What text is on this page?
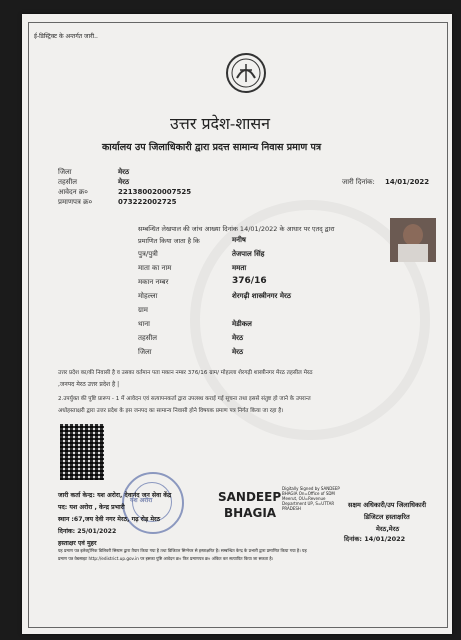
ई-डिस्ट्रिक्ट के अन्तर्गत जारी..
उत्तर प्रदेश-शासन
कार्यालय उप जिलाधिकारी द्वारा प्रदत्त सामान्य निवास प्रमाण पत्र
जिला	मेरठ
तहसील	मेरठ
आवेदन क्र०	221380020007525
प्रमाणपत्र क्र०	073222002725
जारी दिनांक: 14/01/2022
सम्बन्धित लेखपाल की जांच आख्या दिनांक 14/01/2022 के आधार पर एतद् द्वारा
प्रमाणित किया जाता है कि	मनीष
पुत्र/पुत्री	तेजपाल सिंह
माता का नाम	ममता
मकान नम्बर	376/16
मोहल्ला	शेरगढ़ी शास्त्रीनगर मेरठ
ग्राम
थाना	मेडीकल
तहसील	मेरठ
जिला	मेरठ
उत्तर प्रदेश का/की निवासी है व उसका वर्तमान पता मकान नम्बर 376/16 ग्राम/ मोहल्ला शेरगढ़ी शास्त्रीनगर मेरठ तहसील मेरठ
,जनपद मेरठ उत्तर प्रदेश है |
2.उपर्युक्त की पुष्टि प्रारूप - 1 में आवेदन एवं सत्यापनकर्ता द्वारा उपलब्ध कराई गई सूचना तथा इससे संतुष्ट हो जाने के उपरान्त
अधोहस्ताक्षरी द्वारा उत्तर प्रदेश के इस जनपद का सामान्य निवासी होने विषयक प्रमाण पत्र निर्गत किया जा रहा है।
यश अरोरा
जारी कर्ता केन्द्र: यश अरोरा, देवानंद जन सेवा केंद्र
पद: यश अरोरा , केन्द्र प्रभारी
स्थान :67,जय देवी नगर मेरठ, गढ़ रोड़ मेरठ
दिनांक: 25/01/2022
हस्ताक्षर एवं मुहर
SANDEEP
BHAGIA
Digitally Signed by SANDEEP BHAGIA On=Office of SDM Meerut, OU=Revenue Department UP, S=UTTAR PRADESH	सक्षम अधिकारी/उप जिलाधिकारी
डिजिटल हस्ताक्षरित
मेरठ,मेरठ
दिनांक: 14/01/2022
यह प्रमाण पत्र इलेक्ट्रॉनिक डिलिवरी सिस्टम द्वारा तैयार किया गया है तथा डिजिटल सिग्नेचर से हस्ताक्षरित है। सम्बन्धित केन्द्र के प्रभारी द्वारा प्रमाणित किया गया है। यह
प्रमाण पत्र वेबसाइट http://edistrict.up.gov.in पर इसका पुष्टि आवेदन क्र० फिर प्रमाणपत्र क्र० अंकित कर सत्यापित किया जा सकता है।
